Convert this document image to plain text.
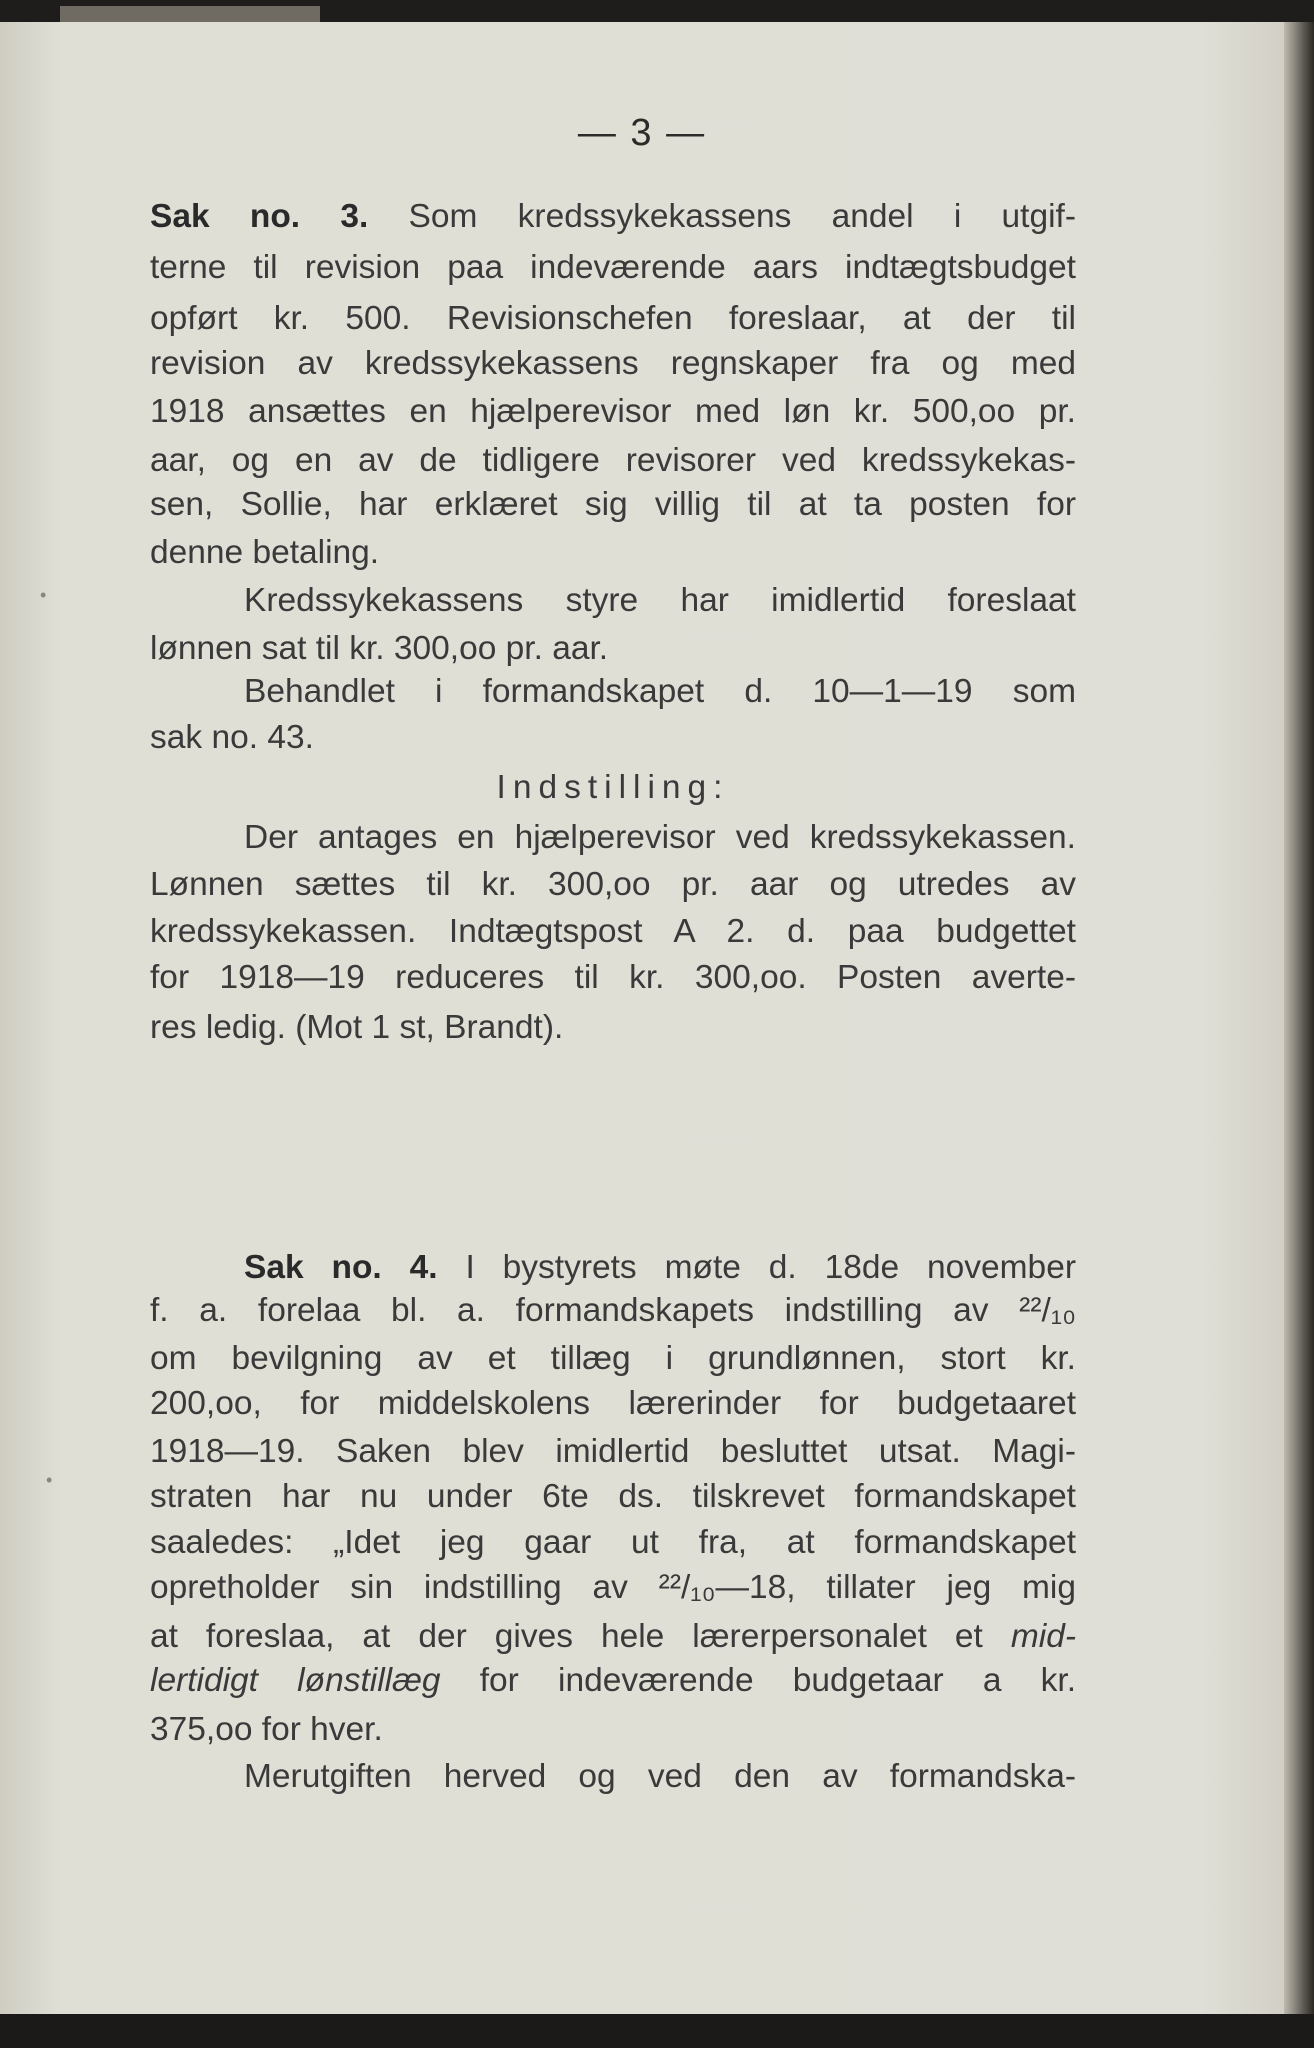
•
•
— 3 —
Sak no. 3. Som kredssykekassens andel i utgif-
terne til revision paa indeværende aars indtægtsbudget
opført kr. 500. Revisionschefen foreslaar, at der til
revision av kredssykekassens regnskaper fra og med
1918 ansættes en hjælperevisor med løn kr. 500,oo pr.
aar, og en av de tidligere revisorer ved kredssykekas-
sen, Sollie, har erklæret sig villig til at ta posten for
denne betaling.
Kredssykekassens styre har imidlertid foreslaat
lønnen sat til kr. 300,oo pr. aar.
Behandlet i formandskapet d. 10—1—19 som
sak no. 43.
Indstilling:
Der antages en hjælperevisor ved kredssykekassen.
Lønnen sættes til kr. 300,oo pr. aar og utredes av
kredssykekassen. Indtægtspost A 2. d. paa budgettet
for 1918—19 reduceres til kr. 300,oo. Posten averte-
res ledig. (Mot 1 st, Brandt).
Sak no. 4. I bystyrets møte d. 18de november
f. a. forelaa bl. a. formandskapets indstilling av ²²/₁₀
om bevilgning av et tillæg i grundlønnen, stort kr.
200,oo, for middelskolens lærerinder for budgetaaret
1918—19. Saken blev imidlertid besluttet utsat. Magi-
straten har nu under 6te ds. tilskrevet formandskapet
saaledes: „Idet jeg gaar ut fra, at formandskapet
opretholder sin indstilling av ²²/₁₀—18, tillater jeg mig
at foreslaa, at der gives hele lærerpersonalet et mid-
lertidigt lønstillæg for indeværende budgetaar a kr.
375,oo for hver.
Merutgiften herved og ved den av formandska-
